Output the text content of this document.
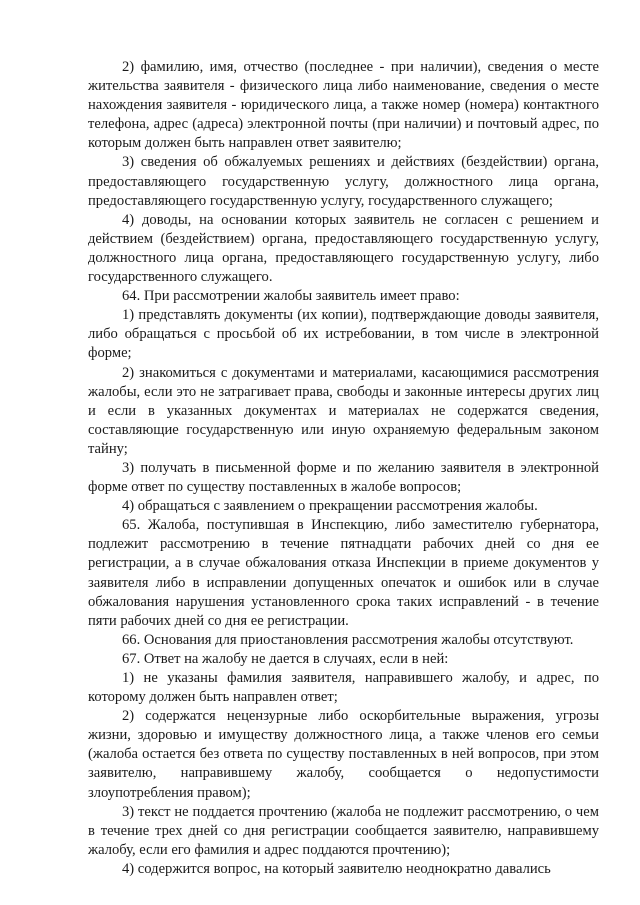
2) фамилию, имя, отчество (последнее - при наличии), сведения о месте жительства заявителя - физического лица либо наименование, сведения о месте нахождения заявителя - юридического лица, а также номер (номера) контактного телефона, адрес (адреса) электронной почты (при наличии) и почтовый адрес, по которым должен быть направлен ответ заявителю;

3) сведения об обжалуемых решениях и действиях (бездействии) органа, предоставляющего государственную услугу, должностного лица органа, предоставляющего государственную услугу, государственного служащего;

4) доводы, на основании которых заявитель не согласен с решением и действием (бездействием) органа, предоставляющего государственную услугу, должностного лица органа, предоставляющего государственную услугу, либо государственного служащего.

64. При рассмотрении жалобы заявитель имеет право:

1) представлять документы (их копии), подтверждающие доводы заявителя, либо обращаться с просьбой об их истребовании, в том числе в электронной форме;

2) знакомиться с документами и материалами, касающимися рассмотрения жалобы, если это не затрагивает права, свободы и законные интересы других лиц и если в указанных документах и материалах не содержатся сведения, составляющие государственную или иную охраняемую федеральным законом тайну;

3) получать в письменной форме и по желанию заявителя в электронной форме ответ по существу поставленных в жалобе вопросов;

4) обращаться с заявлением о прекращении рассмотрения жалобы.

65. Жалоба, поступившая в Инспекцию, либо заместителю губернатора, подлежит рассмотрению в течение пятнадцати рабочих дней со дня ее регистрации, а в случае обжалования отказа Инспекции в приеме документов у заявителя либо в исправлении допущенных опечаток и ошибок или в случае обжалования нарушения установленного срока таких исправлений - в течение пяти рабочих дней со дня ее регистрации.

66. Основания для приостановления рассмотрения жалобы отсутствуют.

67. Ответ на жалобу не дается в случаях, если в ней:

1) не указаны фамилия заявителя, направившего жалобу, и адрес, по которому должен быть направлен ответ;

2) содержатся нецензурные либо оскорбительные выражения, угрозы жизни, здоровью и имуществу должностного лица, а также членов его семьи (жалоба остается без ответа по существу поставленных в ней вопросов, при этом заявителю, направившему жалобу, сообщается о недопустимости злоупотребления правом);

3) текст не поддается прочтению (жалоба не подлежит рассмотрению, о чем в течение трех дней со дня регистрации сообщается заявителю, направившему жалобу, если его фамилия и адрес поддаются прочтению);

4) содержится вопрос, на который заявителю неоднократно давались
